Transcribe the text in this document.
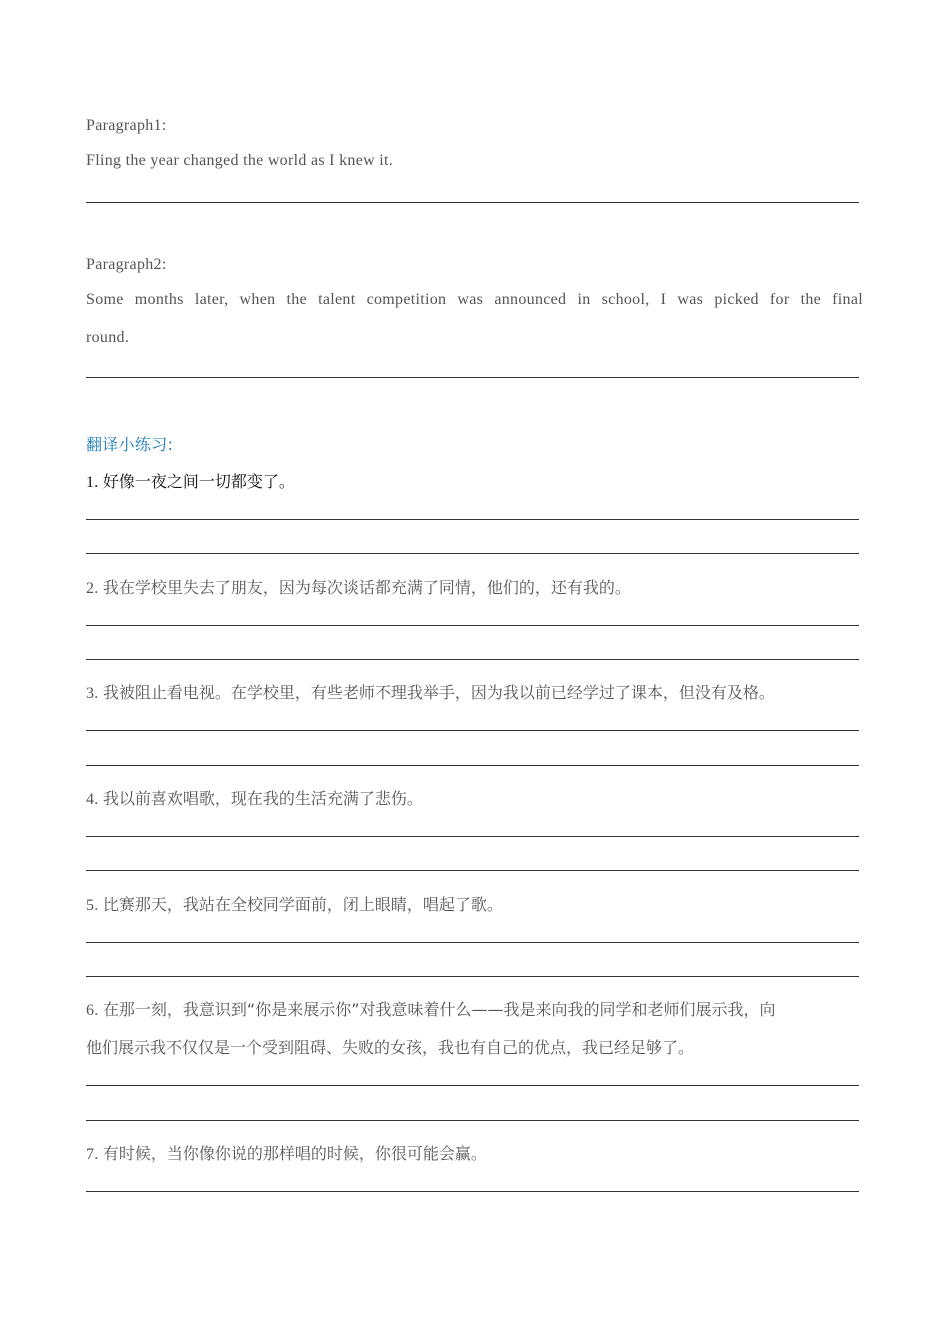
Paragraph1:
Fling the year changed the world as I knew it.
Paragraph2:
Some months later, when the talent competition was announced in school, I was picked for the final
round.
翻译小练习:
1. 好像一夜之间一切都变了。
2. 我在学校里失去了朋友，因为每次谈话都充满了同情，他们的，还有我的。
3. 我被阻止看电视。在学校里，有些老师不理我举手，因为我以前已经学过了课本，但没有及格。
4. 我以前喜欢唱歌，现在我的生活充满了悲伤。
5. 比赛那天，我站在全校同学面前，闭上眼睛，唱起了歌。
6. 在那一刻，我意识到“你是来展示你”对我意味着什么——我是来向我的同学和老师们展示我，向
他们展示我不仅仅是一个受到阻碍、失败的女孩，我也有自己的优点，我已经足够了。
7. 有时候，当你像你说的那样唱的时候，你很可能会赢。
